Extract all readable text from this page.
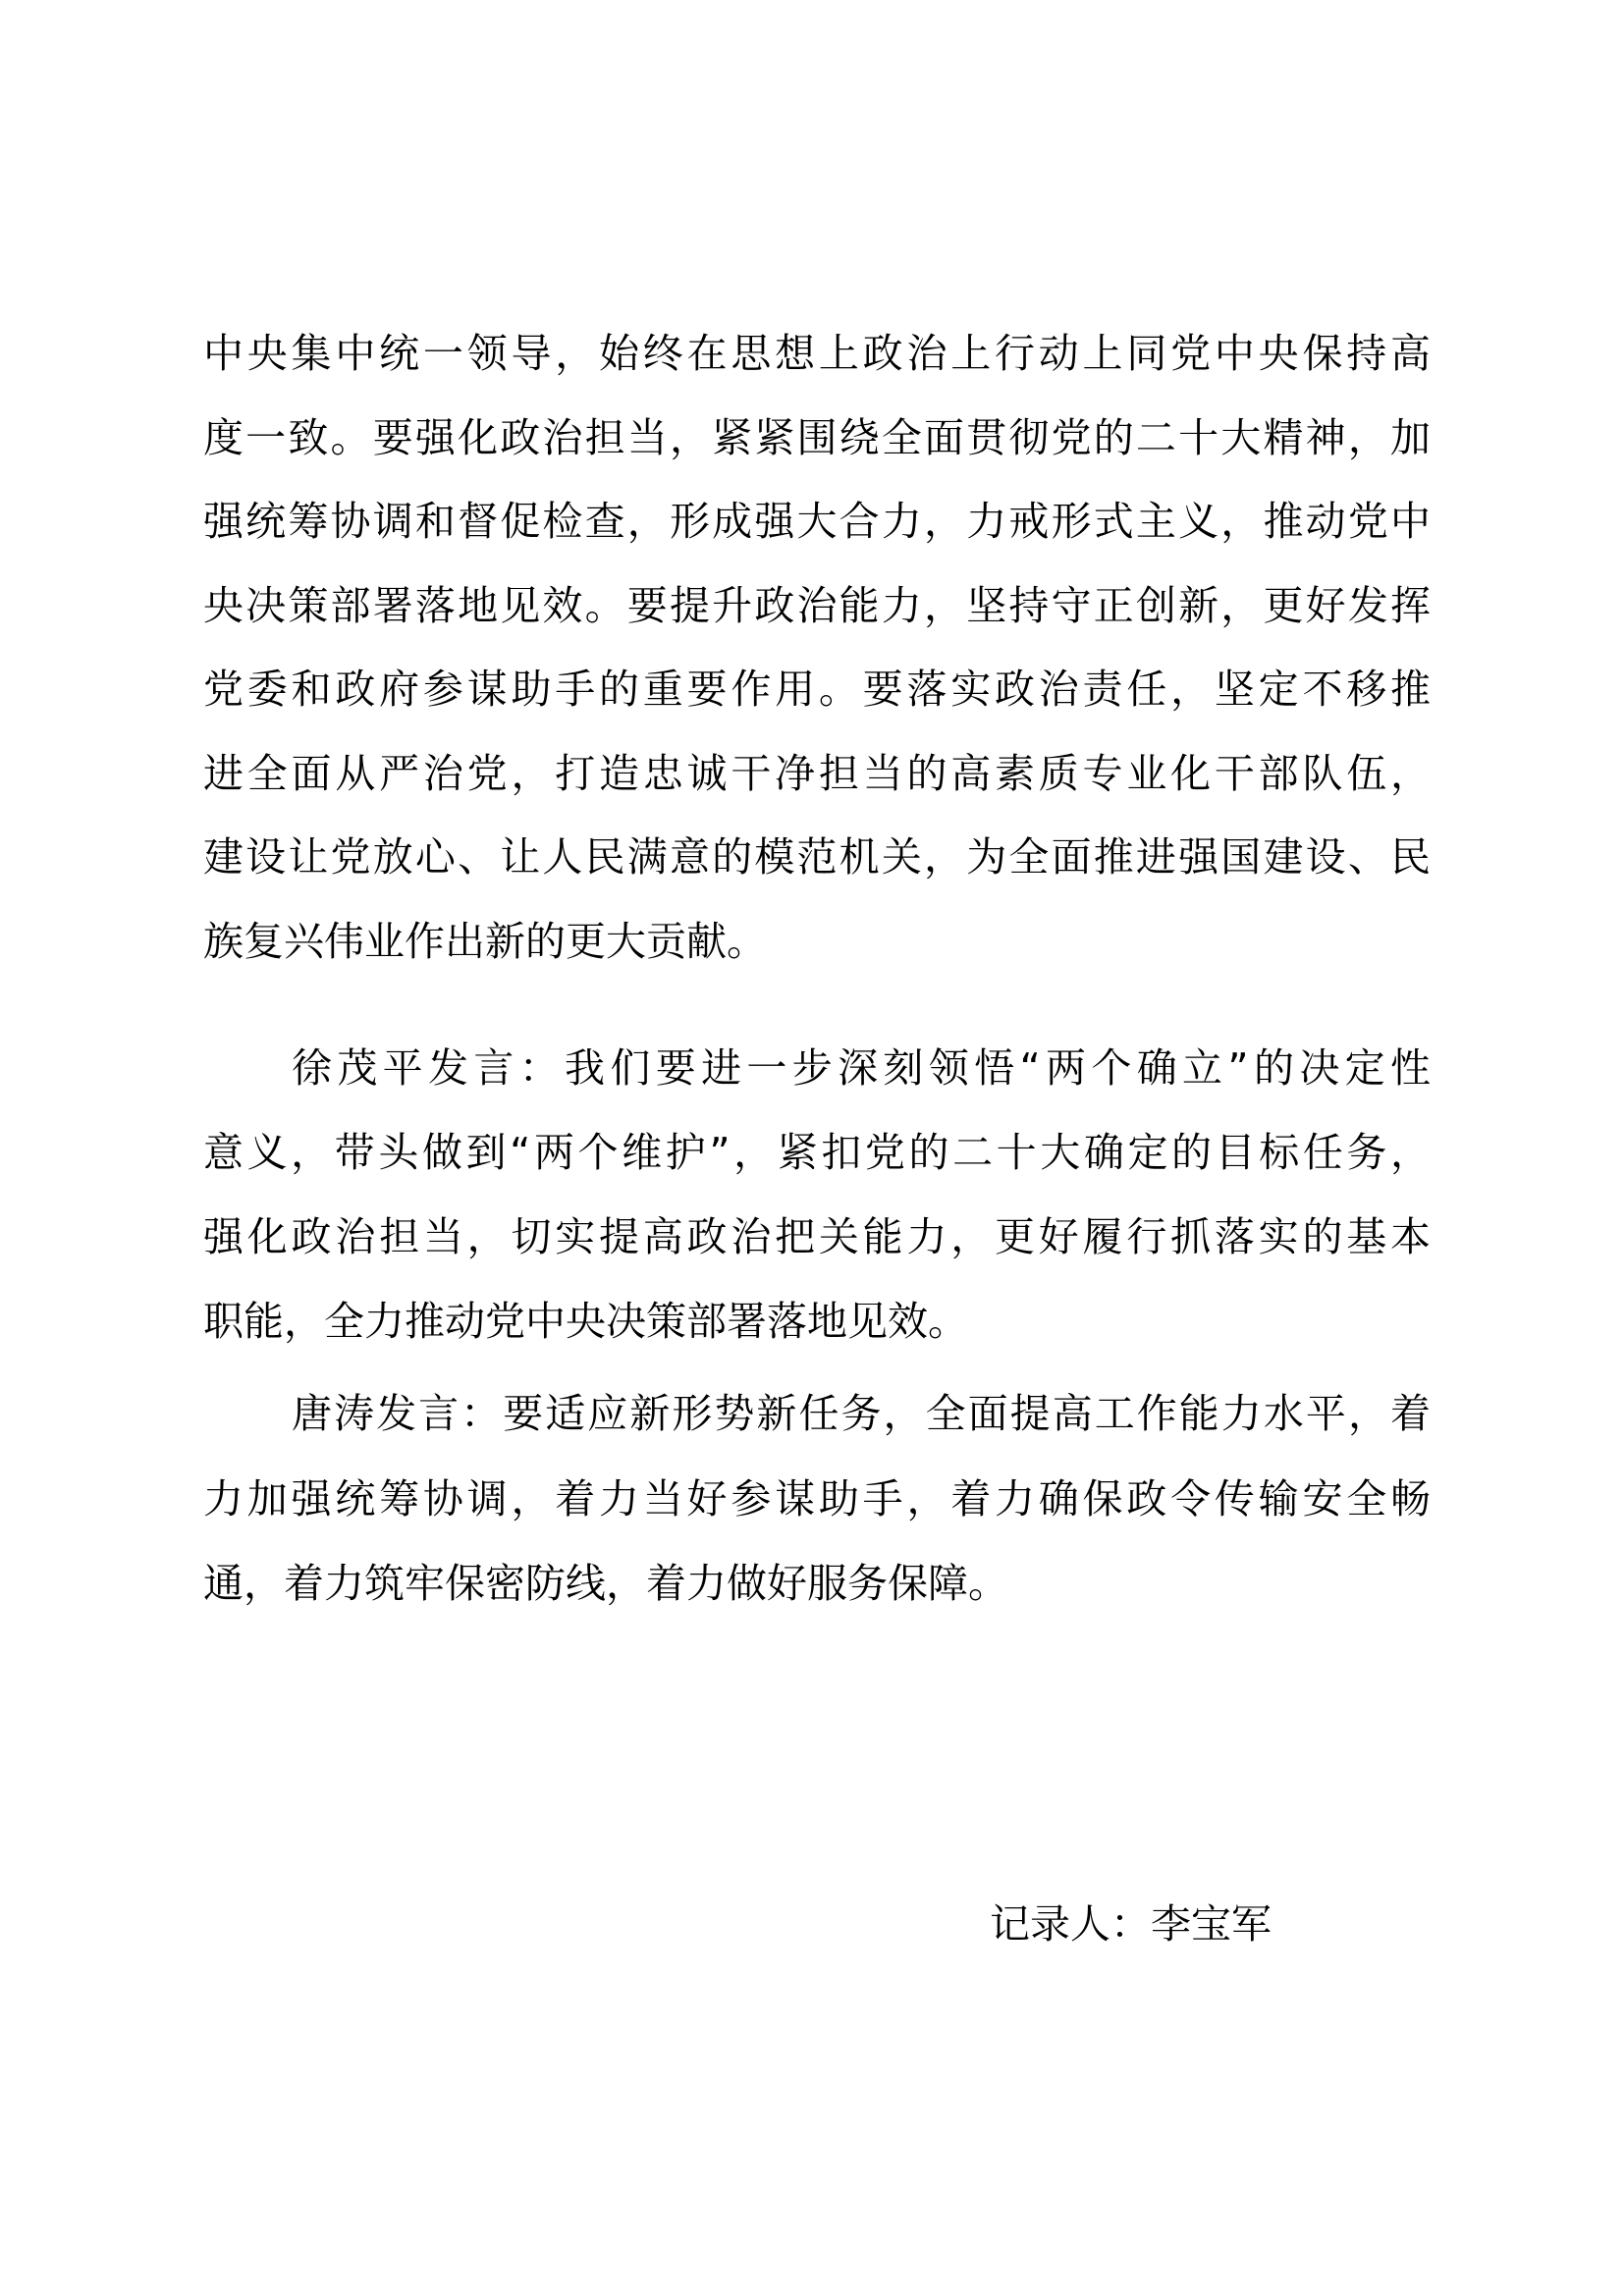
中央集中统一领导，始终在思想上政治上行动上同党中央保持高
度一致。要强化政治担当，紧紧围绕全面贯彻党的二十大精神，加
强统筹协调和督促检查，形成强大合力，力戒形式主义，推动党中
央决策部署落地见效。要提升政治能力，坚持守正创新，更好发挥
党委和政府参谋助手的重要作用。要落实政治责任，坚定不移推
进全面从严治党，打造忠诚干净担当的高素质专业化干部队伍，
建设让党放心、让人民满意的模范机关，为全面推进强国建设、民
族复兴伟业作出新的更大贡献。
徐茂平发言：我们要进一步深刻领悟“两个确立”的决定性
意义，带头做到“两个维护”，紧扣党的二十大确定的目标任务，
强化政治担当，切实提高政治把关能力，更好履行抓落实的基本
职能，全力推动党中央决策部署落地见效。
唐涛发言：要适应新形势新任务，全面提高工作能力水平，着
力加强统筹协调，着力当好参谋助手，着力确保政令传输安全畅
通，着力筑牢保密防线，着力做好服务保障。
记录人：李宝军
